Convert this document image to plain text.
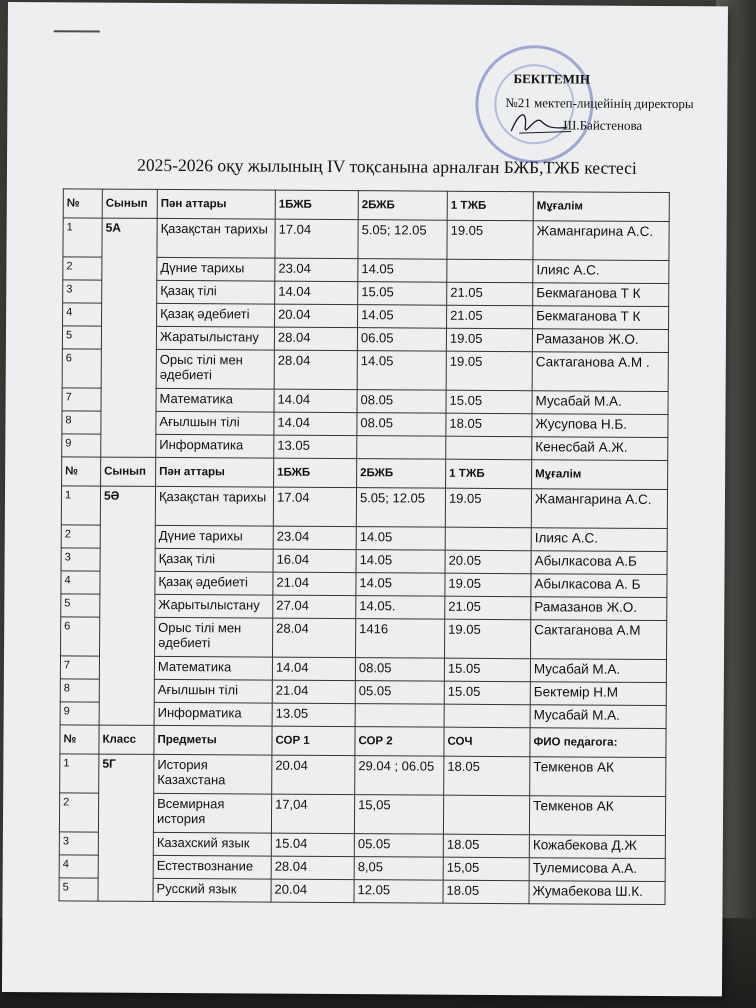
БЕКІТЕМІН
№21 мектеп-лицейінің директоры
Ш.Байстенова
2025-2026 оқу жылының IV тоқсанына арналған БЖБ,ТЖБ кестесі
№	Сынып	Пән аттары	1БЖБ	2БЖБ	1 ТЖБ	Мұғалім
1	5А	Қазақстан тарихы	17.04	5.05; 12.05	19.05	Жамангарина А.С.
2		Дүние тарихы	23.04	14.05		Ілияс А.С.
3		Қазақ тілі	14.04	15.05	21.05	Бекмаганова Т К
4		Қазақ әдебиеті	20.04	14.05	21.05	Бекмаганова Т К
5		Жаратылыстану	28.04	06.05	19.05	Рамазанов Ж.О.
6		Орыс тілі мен әдебиеті	28.04	14.05	19.05	Сактаганова А.М .
7		Математика	14.04	08.05	15.05	Мусабай М.А.
8		Ағылшын тілі	14.04	08.05	18.05	Жусупова Н.Б.
9		Информатика	13.05			Кенесбай А.Ж.
№	Сынып	Пән аттары	1БЖБ	2БЖБ	1 ТЖБ	Мұғалім
1	5Ә	Қазақстан тарихы	17.04	5.05; 12.05	19.05	Жамангарина А.С.
2		Дүние тарихы	23.04	14.05		Ілияс А.С.
3		Қазақ тілі	16.04	14.05	20.05	Абылкасова А.Б
4		Қазақ әдебиеті	21.04	14.05	19.05	Абылкасова А. Б
5		Жарытылыстану	27.04	14.05.	21.05	Рамазанов Ж.О.
6		Орыс тілі мен әдебиеті	28.04	1416	19.05	Сактаганова А.М
7		Математика	14.04	08.05	15.05	Мусабай М.А.
8		Ағылшын тілі	21.04	05.05	15.05	Бектемір Н.М
9		Информатика	13.05			Мусабай М.А.
№	Класс	Предметы	СОР 1	СОР 2	СОЧ	ФИО педагога:
1	5Г	История Казахстана	20.04	29.04 ; 06.05	18.05	Темкенов АК
2		Всемирная история	17,04	15,05		Темкенов АК
3		Казахский язык	15.04	05.05	18.05	Кожабекова Д.Ж
4		Естествознание	28.04	8,05	15,05	Тулемисова А.А.
5		Русский язык	20.04	12.05	18.05	Жумабекова Ш.К.
